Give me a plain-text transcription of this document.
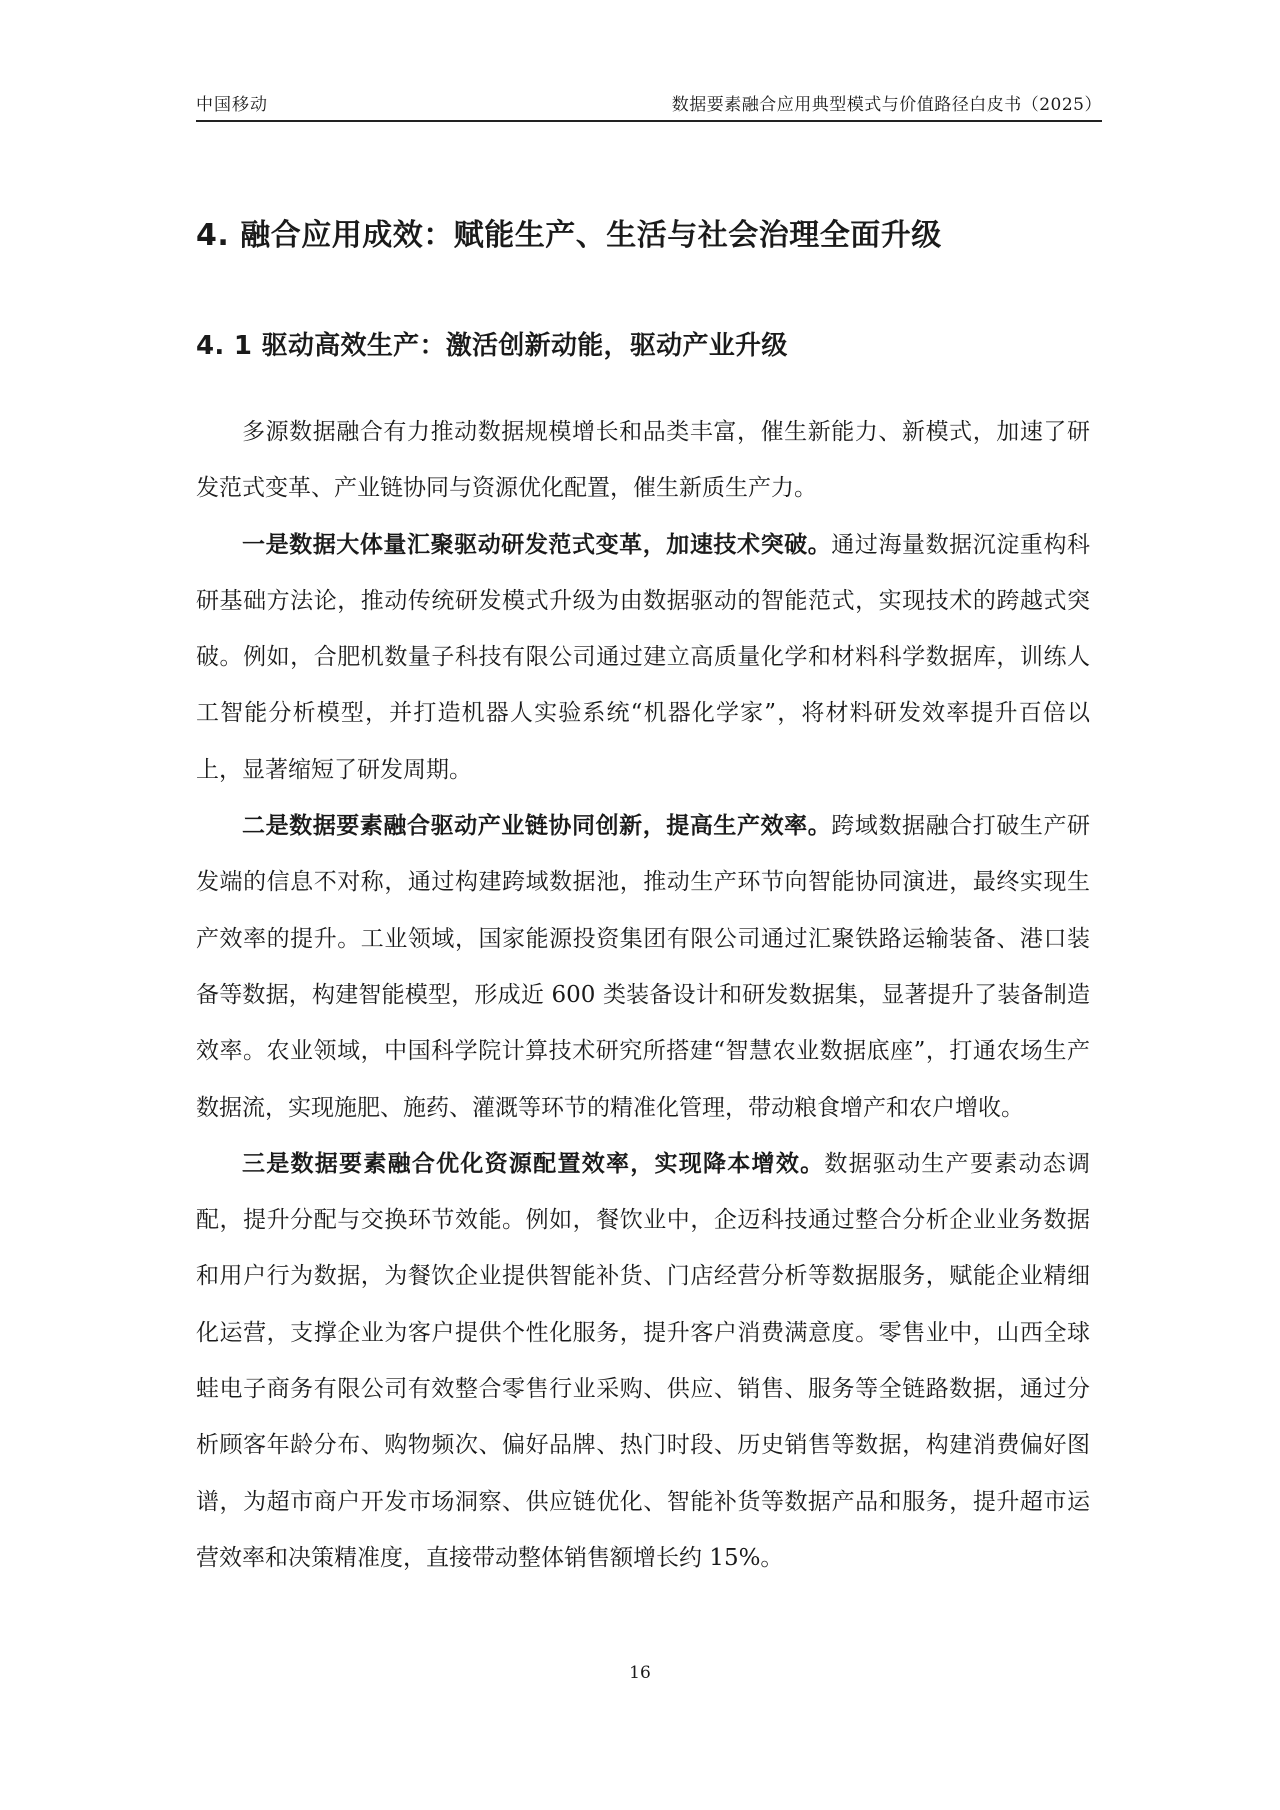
中国移动	数据要素融合应用典型模式与价值路径白皮书（2025）
4. 融合应用成效：赋能生产、生活与社会治理全面升级
4. 1 驱动高效生产：激活创新动能，驱动产业升级

多源数据融合有力推动数据规模增长和品类丰富，催生新能力、新模式，加速了研发范式变革、产业链协同与资源优化配置，催生新质生产力。

一是数据大体量汇聚驱动研发范式变革，加速技术突破。通过海量数据沉淀重构科研基础方法论，推动传统研发模式升级为由数据驱动的智能范式，实现技术的跨越式突破。例如，合肥机数量子科技有限公司通过建立高质量化学和材料科学数据库，训练人工智能分析模型，并打造机器人实验系统“机器化学家”，将材料研发效率提升百倍以上，显著缩短了研发周期。

二是数据要素融合驱动产业链协同创新，提高生产效率。跨域数据融合打破生产研发端的信息不对称，通过构建跨域数据池，推动生产环节向智能协同演进，最终实现生产效率的提升。工业领域，国家能源投资集团有限公司通过汇聚铁路运输装备、港口装备等数据，构建智能模型，形成近 600 类装备设计和研发数据集，显著提升了装备制造效率。农业领域，中国科学院计算技术研究所搭建“智慧农业数据底座”，打通农场生产数据流，实现施肥、施药、灌溉等环节的精准化管理，带动粮食增产和农户增收。

三是数据要素融合优化资源配置效率，实现降本增效。数据驱动生产要素动态调配，提升分配与交换环节效能。例如，餐饮业中，企迈科技通过整合分析企业业务数据和用户行为数据，为餐饮企业提供智能补货、门店经营分析等数据服务，赋能企业精细化运营，支撑企业为客户提供个性化服务，提升客户消费满意度。零售业中，山西全球蛙电子商务有限公司有效整合零售行业采购、供应、销售、服务等全链路数据，通过分析顾客年龄分布、购物频次、偏好品牌、热门时段、历史销售等数据，构建消费偏好图谱，为超市商户开发市场洞察、供应链优化、智能补货等数据产品和服务，提升超市运营效率和决策精准度，直接带动整体销售额增长约 15%。

16
